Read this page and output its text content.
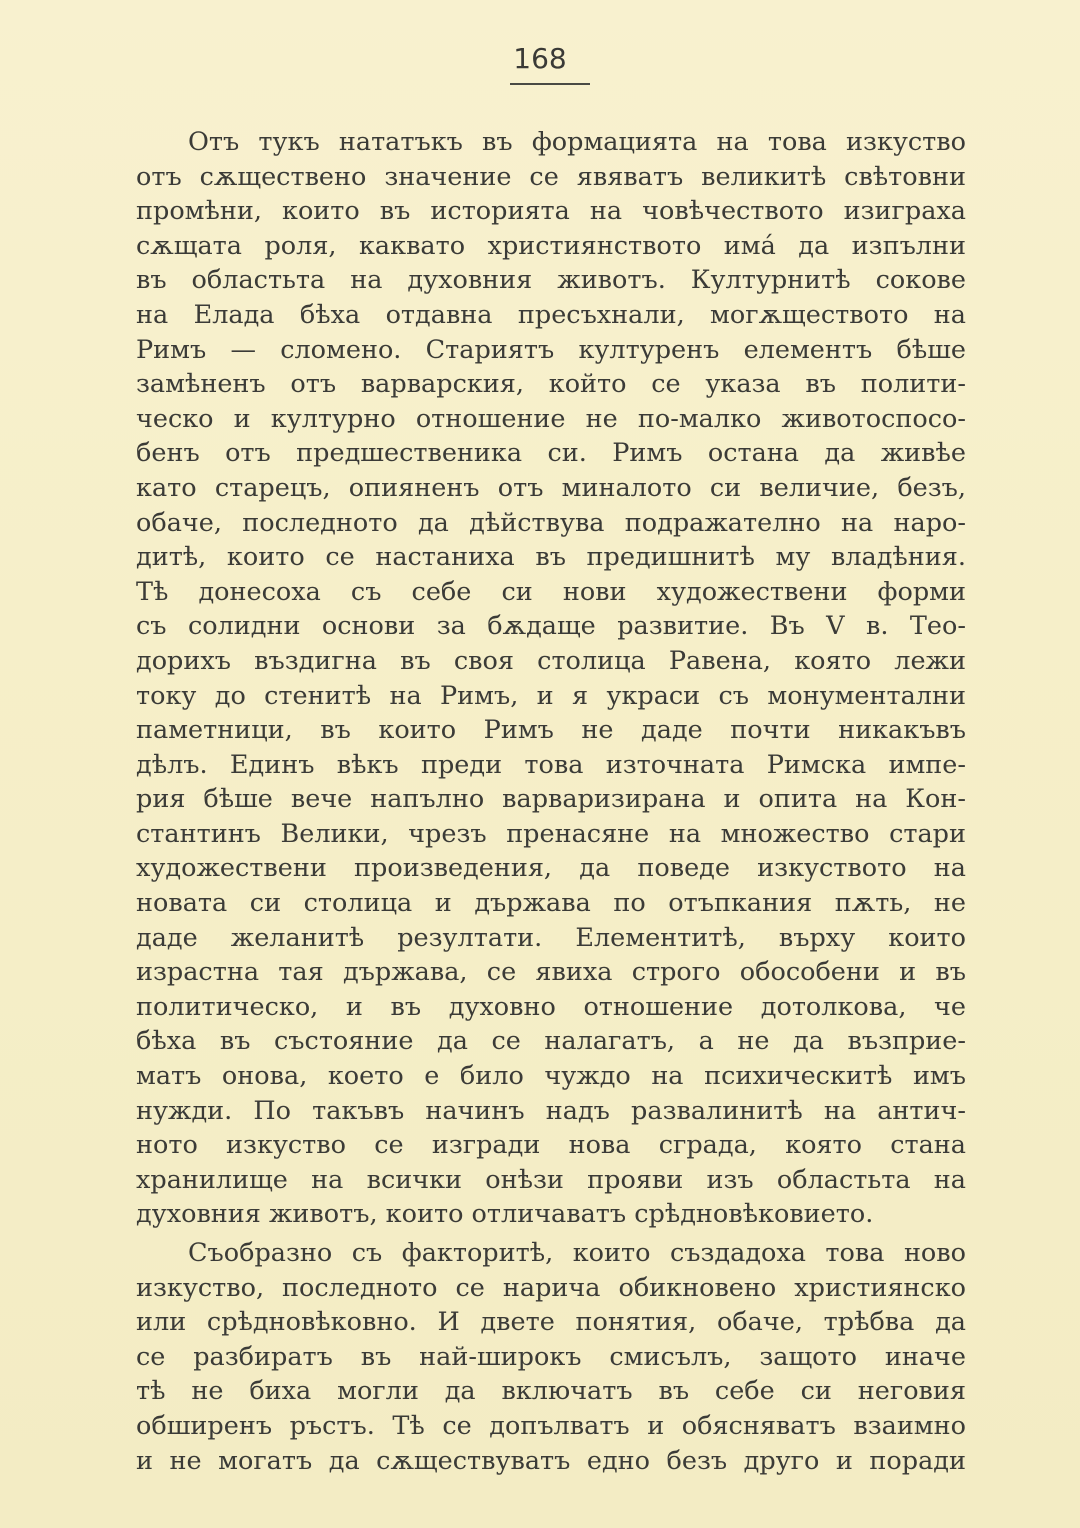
168
Отъ тукъ нататъкъ въ формацията на това изкуство
отъ сѫществено значение се явяватъ великитѣ свѣтовни
промѣни, които въ историята на човѣчеството изиграха
сѫщата роля, каквато християнството имá да изпълни
въ областьта на духовния животъ. Културнитѣ сокове
на Елада бѣха отдавна пресъхнали, могѫществото на
Римъ — сломено. Стариятъ културенъ елементъ бѣше
замѣненъ отъ варварския, който се указа въ полити-
ческо и културно отношение не по-малко животоспосо-
бенъ отъ предшественика си. Римъ остана да живѣе
като старецъ, опияненъ отъ миналото си величие, безъ,
обаче, последното да дѣйствува подражателно на наро-
дитѣ, които се настаниха въ предишнитѣ му владѣния.
Тѣ донесоха съ себе си нови художествени форми
съ солидни основи за бѫдаще развитие. Въ V в. Тео-
дорихъ въздигна въ своя столица Равена, която лежи
току до стенитѣ на Римъ, и я украси съ монументални
паметници, въ които Римъ не даде почти никакъвъ
дѣлъ. Единъ вѣкъ преди това източната Римска импе-
рия бѣше вече напълно варваризирана и опита на Кон-
стантинъ Велики, чрезъ пренасяне на множество стари
художествени произведения, да поведе изкуството на
новата си столица и държава по отъпкания пѫть, не
даде желанитѣ резултати. Елементитѣ, върху които
израстна тая държава, се явиха строго обособени и въ
политическо, и въ духовно отношение дотолкова, че
бѣха въ състояние да се налагатъ, а не да възприе-
матъ онова, което е било чуждо на психическитѣ имъ
нужди. По такъвъ начинъ надъ развалинитѣ на антич-
ното изкуство се изгради нова сграда, която стана
хранилище на всички онѣзи прояви изъ областьта на
духовния животъ, които отличаватъ срѣдновѣковието.
Съобразно съ факторитѣ, които създадоха това ново
изкуство, последното се нарича обикновено християнско
или срѣдновѣковно. И двете понятия, обаче, трѣбва да
се разбиратъ въ най-широкъ смисълъ, защото иначе
тѣ не биха могли да включатъ въ себе си неговия
обширенъ ръстъ. Тѣ се допълватъ и обясняватъ взаимно
и не могатъ да сѫществуватъ едно безъ друго и поради
